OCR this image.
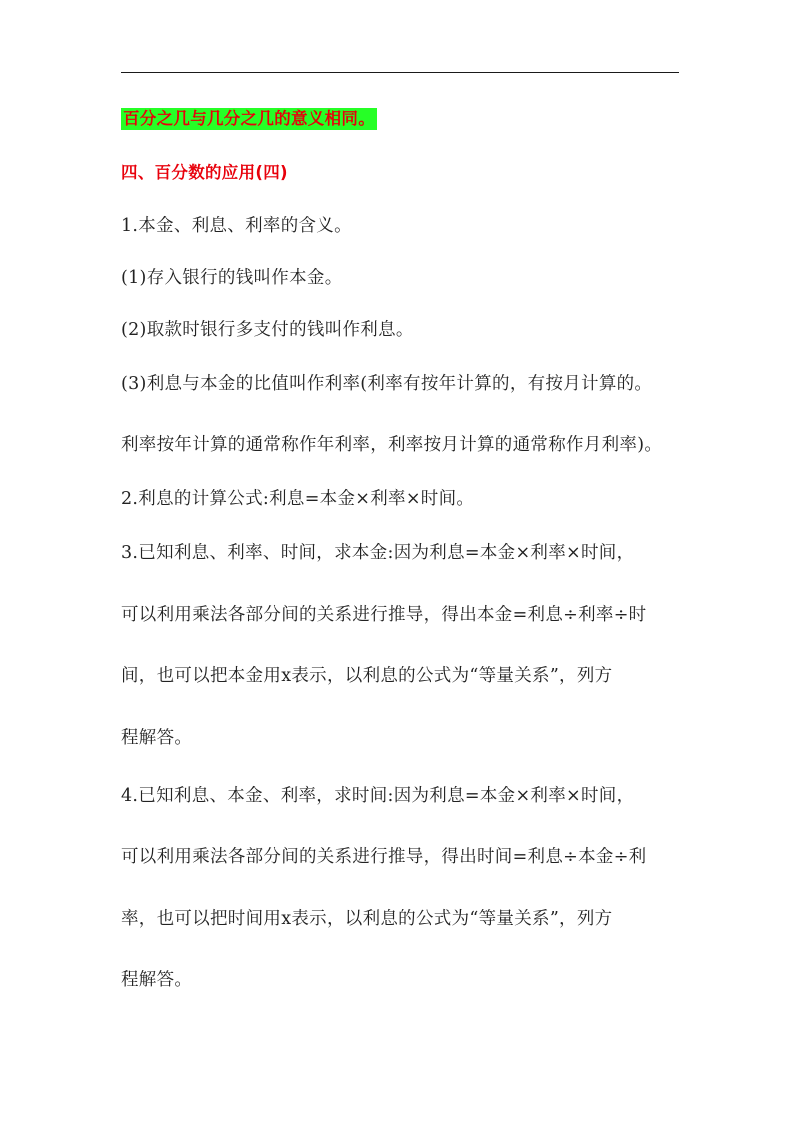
百分之几与几分之几的意义相同。
四、百分数的应用(四)
1.本金、利息、利率的含义。
(1)存入银行的钱叫作本金。
(2)取款时银行多支付的钱叫作利息。
(3)利息与本金的比值叫作利率(利率有按年计算的，有按月计算的。
利率按年计算的通常称作年利率，利率按月计算的通常称作月利率)。
2.利息的计算公式:利息=本金×利率×时间。
3.已知利息、利率、时间，求本金:因为利息=本金×利率×时间，
可以利用乘法各部分间的关系进行推导，得出本金=利息÷利率÷时
间，也可以把本金用x表示，以利息的公式为“等量关系”，列方
程解答。
4.已知利息、本金、利率，求时间:因为利息=本金×利率×时间，
可以利用乘法各部分间的关系进行推导，得出时间=利息÷本金÷利
率，也可以把时间用x表示，以利息的公式为“等量关系”，列方
程解答。
